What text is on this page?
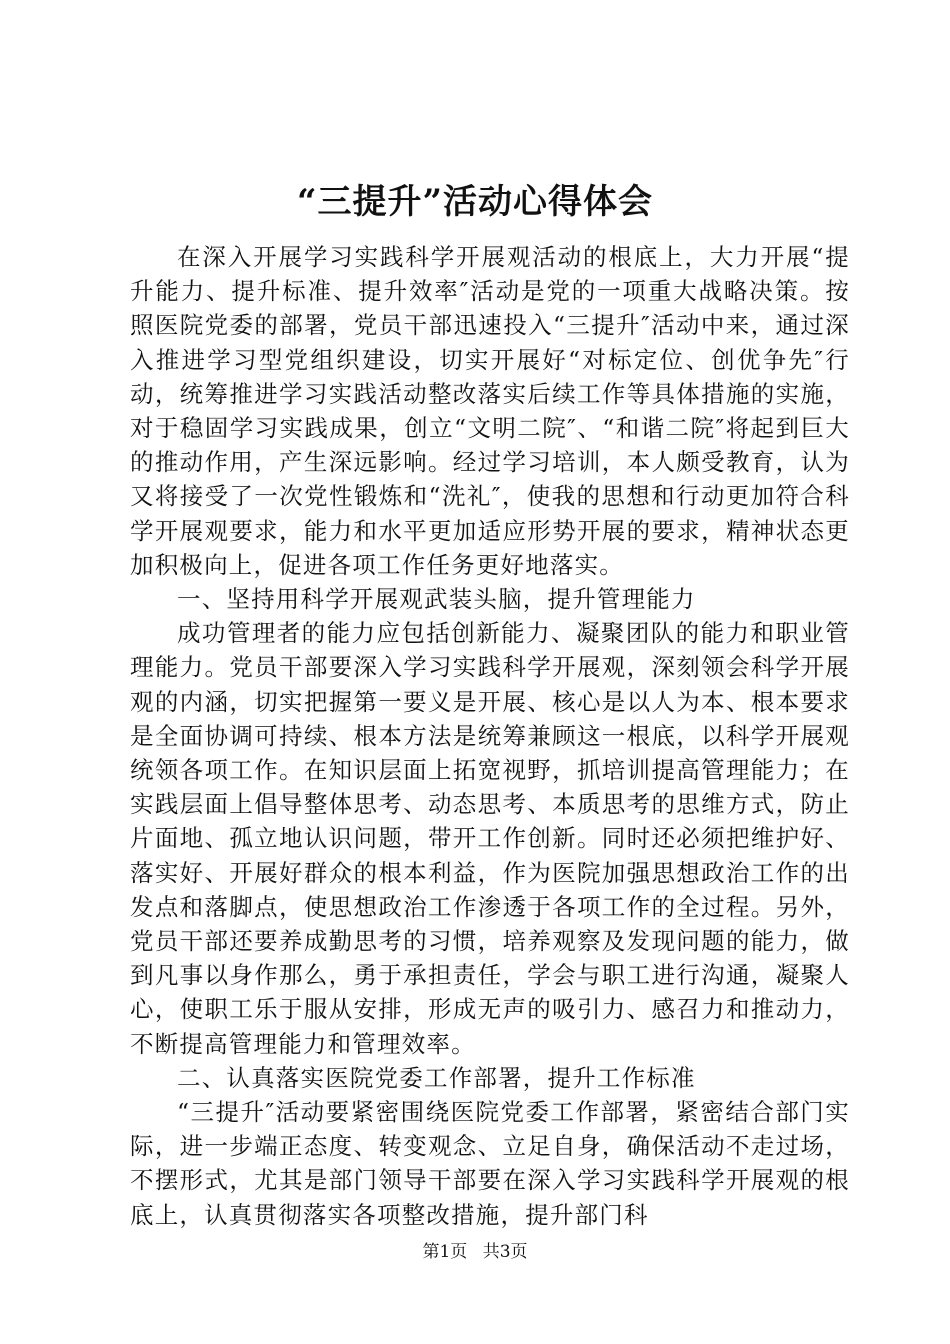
“三提升”活动心得体会

在深入开展学习实践科学开展观活动的根底上，大力开展“提升能力、提升标准、提升效率″活动是党的一项重大战略决策。按照医院党委的部署，党员干部迅速投入“三提升″活动中来，通过深入推进学习型党组织建设，切实开展好“对标定位、创优争先″行动，统筹推进学习实践活动整改落实后续工作等具体措施的实施，对于稳固学习实践成果，创立“文明二院″、“和谐二院″将起到巨大的推动作用，产生深远影响。经过学习培训，本人颇受教育，认为又将接受了一次党性锻炼和“洗礼″，使我的思想和行动更加符合科学开展观要求，能力和水平更加适应形势开展的要求，精神状态更加积极向上，促进各项工作任务更好地落实。

一、坚持用科学开展观武装头脑，提升管理能力

成功管理者的能力应包括创新能力、凝聚团队的能力和职业管理能力。党员干部要深入学习实践科学开展观，深刻领会科学开展观的内涵，切实把握第一要义是开展、核心是以人为本、根本要求是全面协调可持续、根本方法是统筹兼顾这一根底，以科学开展观统领各项工作。在知识层面上拓宽视野，抓培训提高管理能力；在实践层面上倡导整体思考、动态思考、本质思考的思维方式，防止片面地、孤立地认识问题，带开工作创新。同时还必须把维护好、落实好、开展好群众的根本利益，作为医院加强思想政治工作的出发点和落脚点，使思想政治工作渗透于各项工作的全过程。另外，党员干部还要养成勤思考的习惯，培养观察及发现问题的能力，做到凡事以身作那么，勇于承担责任，学会与职工进行沟通，凝聚人心，使职工乐于服从安排，形成无声的吸引力、感召力和推动力，不断提高管理能力和管理效率。

二、认真落实医院党委工作部署，提升工作标准

“三提升″活动要紧密围绕医院党委工作部署，紧密结合部门实际，进一步端正态度、转变观念、立足自身，确保活动不走过场，不摆形式，尤其是部门领导干部要在深入学习实践科学开展观的根底上，认真贯彻落实各项整改措施，提升部门科

第1页 共3页
